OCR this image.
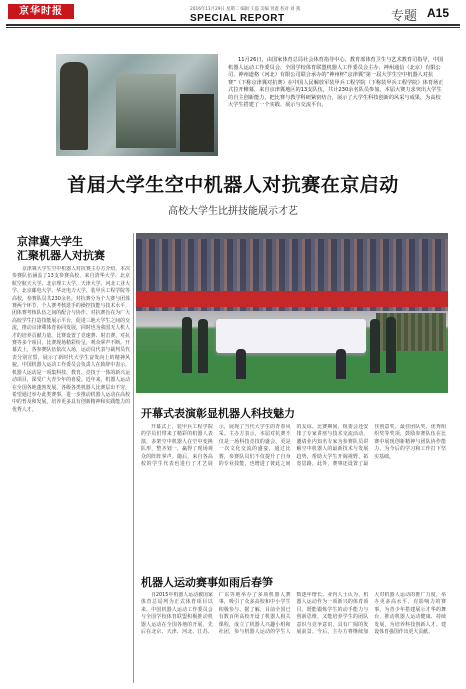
京华时报	2016年11月29日 星期二 编辑 王磊 美编 曾鑫 校对 刘 燕
SPECIAL REPORT	专题 A15
11月26日，由国家体育总局社会体育指导中心、教育部体育卫生与艺术教育司指导，中国机器人运动工作委员会、全国学校体育联盟机器人工作委员会主办，神州通信（北京）有限公司、神州道格（河北）有限公司联合承办的“神州杯”京津冀“第一届大学生空中机器人对抗赛”（下称京津冀对抗赛）在中国人民解放军装甲兵工程学院（下称装甲兵工程学院）体育场正式拉开帷幕，来自京津冀地区的13支队伍，共计230余名队员参加。本届大赛力求突出大学生的自主创新能力，把比赛与教学科研紧密结合，展示了大学生科技创新的风采与成果，为高校大学生搭建了一个实践、展示与交流平台。
首届大学生空中机器人对抗赛在京启动
高校大学生比拼技能展示才艺
京津冀大学生
汇聚机器人对抗赛
京津冀大学生空中机器人对抗赛主办方介绍，本次参赛队伍涵盖了13支参赛高校，来自清华大学、北京航空航天大学、北京理工大学、天津大学、河北工业大学、北京邮电大学、华北电力大学、装甲兵工程学院等高校，参赛队员共230余名。对抗赛分为个人赛与团体赛两个环节，个人赛考核选手的操控技能与技术水平，团体赛考核队伍之间的配合与协作。对抗赛旨在为广大高校学生打造技能展示平台，促进三地大学生之间的交流，推动京津冀体育协同发展，同时也为我国无人机人才的培养贡献力量。比赛设置了竞速赛、射击赛、对抗赛等多个项目，比赛现场精彩纷呈，观众掌声不断。开幕式上，各参赛队伍依次入场，运动员代表与裁判员代表分别宣誓，展示了新时代大学生奋发向上的精神风貌。中国机器人运动工作委员会负责人在致辞中表示，机器人运动是一项集科技、教育、竞技于一体的新兴运动项目，深受广大青少年的喜爱。近年来，机器人运动在全国各地蓬勃发展，各级各类机器人比赛层出不穷，希望通过举办此类赛事，进一步推动机器人运动在高校中的普及和发展，培养更多具有创新精神和实践能力的优秀人才。	开幕式表演彰显机器人科技魅力
开幕式上，装甲兵工程学院的学员们带来了精彩的机器人表演，多架空中机器人在空中变换队形，整齐划一，赢得了现场观众的阵阵掌声。随后，来自各高校的学生代表也进行了才艺展示，展现了当代大学生的青春风采。主办方表示，本届对抗赛不仅是一场科技竞技的盛会，更是一次文化交流的盛宴，通过比赛，参赛队员们不仅提升了自身的专业技能，也增进了彼此之间的友谊。比赛期间，组委会还安排了专家讲座与技术交流活动，邀请业内知名专家为参赛队员讲解空中机器人的最新技术与发展趋势，帮助大学生开阔视野、拓宽思路。此外，赛事还设置了最佳创意奖、最佳团队奖、优秀组织奖等奖项，鼓励参赛队伍在比赛中展现创新精神与团队协作能力，为今后的学习和工作打下坚实基础。
机器人运动赛事如雨后春笋
自2015年机器人运动被国家体育总局列为正式体育项目以来，中国机器人运动工作委员会与全国学校体育联盟积极推动机器人运动在全国各地的开展，先后在北京、天津、河北、江苏、广东等地举办了多项机器人赛事，吸引了众多高校和中小学生积极参与。据了解，目前全国已有数百所高校开设了机器人相关课程，成立了机器人兴趣小组和社团，参与机器人运动的学生人数逐年增长。业内人士认为，机器人运动作为一项新兴的体育项目，既能锻炼学生的动手能力与创新思维，又能培养学生的团队意识与竞争意识，具有广阔的发展前景。今后，主办方将继续加大对机器人运动的推广力度，举办更多高水平、有影响力的赛事，为青少年搭建展示才华的舞台，推动机器人运动健康、持续发展，为培养科技创新人才、建设体育强国作出更大贡献。
